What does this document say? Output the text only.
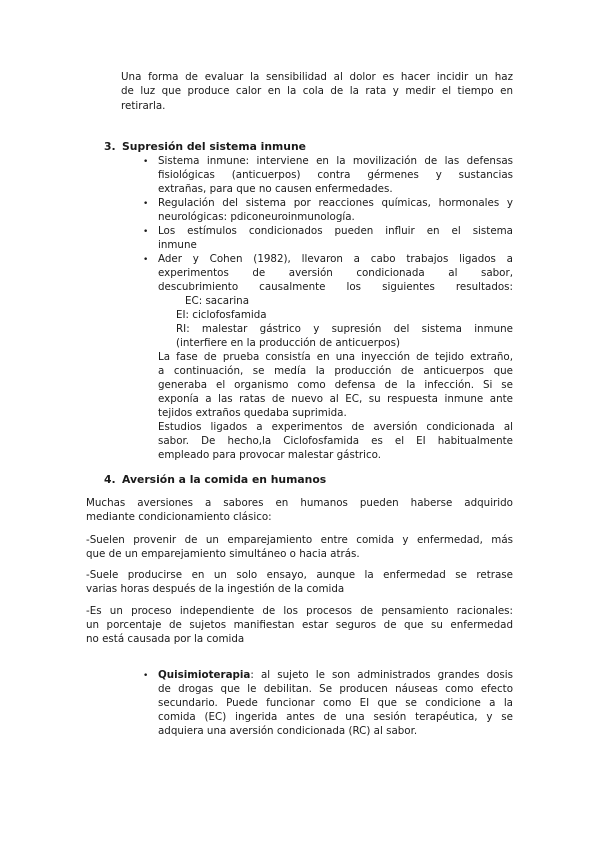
Una forma de evaluar la sensibilidad al dolor es hacer incidir un haz
de luz que produce calor en la cola de la rata y medir el tiempo en
retirarla.
3. Supresión del sistema inmune
• Sistema inmune: interviene en la movilización de las defensas
fisiológicas (anticuerpos) contra gérmenes y sustancias
extrañas, para que no causen enfermedades.
• Regulación del sistema por reacciones químicas, hormonales y
neurológicas: pdiconeuroinmunología.
• Los estímulos condicionados pueden influir en el sistema
inmune
• Ader y Cohen (1982), llevaron a cabo trabajos ligados a
experimentos de aversión condicionada al sabor,
descubrimiento causalmente los siguientes resultados:
EC: sacarina
EI: ciclofosfamida
RI: malestar gástrico y supresión del sistema inmune
(interfiere en la producción de anticuerpos)
La fase de prueba consistía en una inyección de tejido extraño,
a continuación, se medía la producción de anticuerpos que
generaba el organismo como defensa de la infección. Si se
exponía a las ratas de nuevo al EC, su respuesta inmune ante
tejidos extraños quedaba suprimida.
Estudios ligados a experimentos de aversión condicionada al
sabor. De hecho,la Ciclofosfamida es el EI habitualmente
empleado para provocar malestar gástrico.
4. Aversión a la comida en humanos
Muchas aversiones a sabores en humanos pueden haberse adquirido
mediante condicionamiento clásico:
-Suelen provenir de un emparejamiento entre comida y enfermedad, más
que de un emparejamiento simultáneo o hacia atrás.
-Suele producirse en un solo ensayo, aunque la enfermedad se retrase
varias horas después de la ingestión de la comida
-Es un proceso independiente de los procesos de pensamiento racionales:
un porcentaje de sujetos manifiestan estar seguros de que su enfermedad
no está causada por la comida
• Quisimioterapia: al sujeto le son administrados grandes dosis
de drogas que le debilitan. Se producen náuseas como efecto
secundario. Puede funcionar como EI que se condicione a la
comida (EC) ingerida antes de una sesión terapéutica, y se
adquiera una aversión condicionada (RC) al sabor.
